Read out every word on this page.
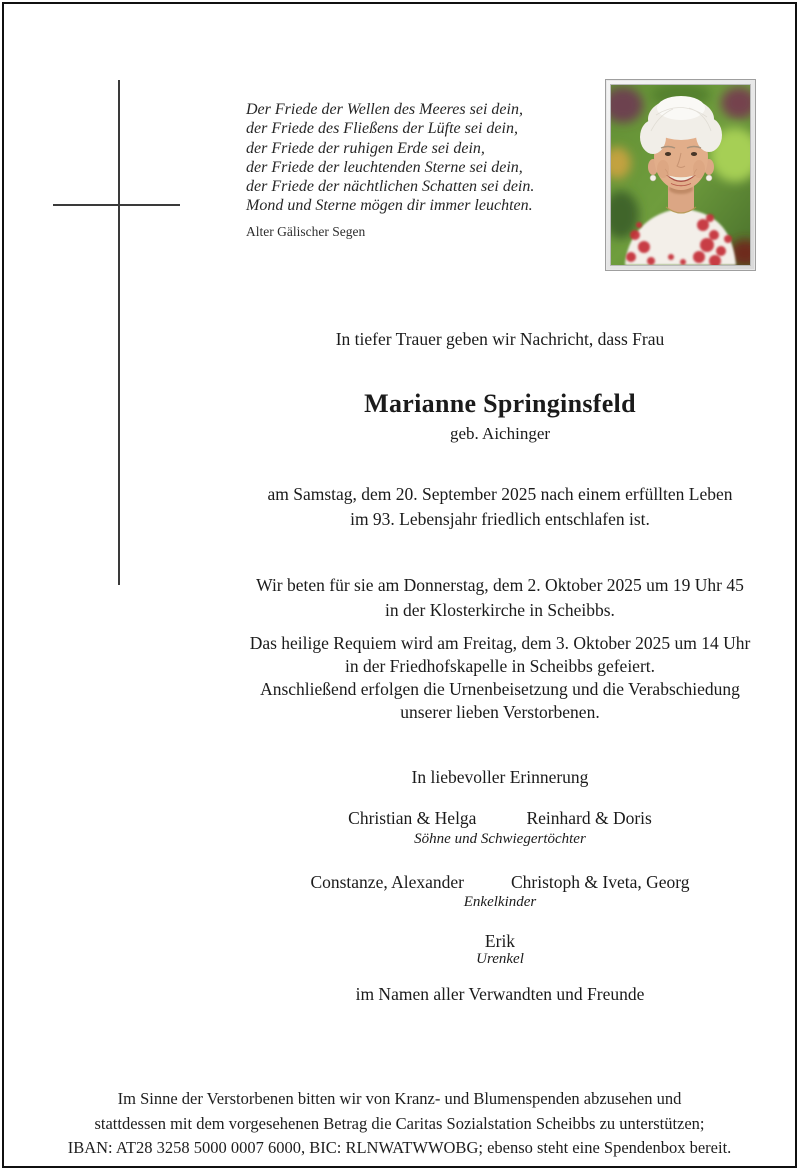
Der Friede der Wellen des Meeres sei dein,
der Friede des Fließens der Lüfte sei dein,
der Friede der ruhigen Erde sei dein,
der Friede der leuchtenden Sterne sei dein,
der Friede der nächtlichen Schatten sei dein.
Mond und Sterne mögen dir immer leuchten.
Alter Gälischer Segen
In tiefer Trauer geben wir Nachricht, dass Frau
Marianne Springinsfeld
geb. Aichinger
am Samstag, dem 20. September 2025 nach einem erfüllten Leben
im 93. Lebensjahr friedlich entschlafen ist.
Wir beten für sie am Donnerstag, dem 2. Oktober 2025 um 19 Uhr 45
in der Klosterkirche in Scheibbs.
Das heilige Requiem wird am Freitag, dem 3. Oktober 2025 um 14 Uhr
in der Friedhofskapelle in Scheibbs gefeiert.
Anschließend erfolgen die Urnenbeisetzung und die Verabschiedung
unserer lieben Verstorbenen.
In liebevoller Erinnerung
Christian & Helga	Reinhard & Doris
Söhne und Schwiegertöchter
Constanze, Alexander	Christoph & Iveta, Georg
Enkelkinder
Erik
Urenkel
im Namen aller Verwandten und Freunde
Im Sinne der Verstorbenen bitten wir von Kranz- und Blumenspenden abzusehen und
stattdessen mit dem vorgesehenen Betrag die Caritas Sozialstation Scheibbs zu unterstützen;
IBAN: AT28 3258 5000 0007 6000, BIC: RLNWATWWOBG; ebenso steht eine Spendenbox bereit.
